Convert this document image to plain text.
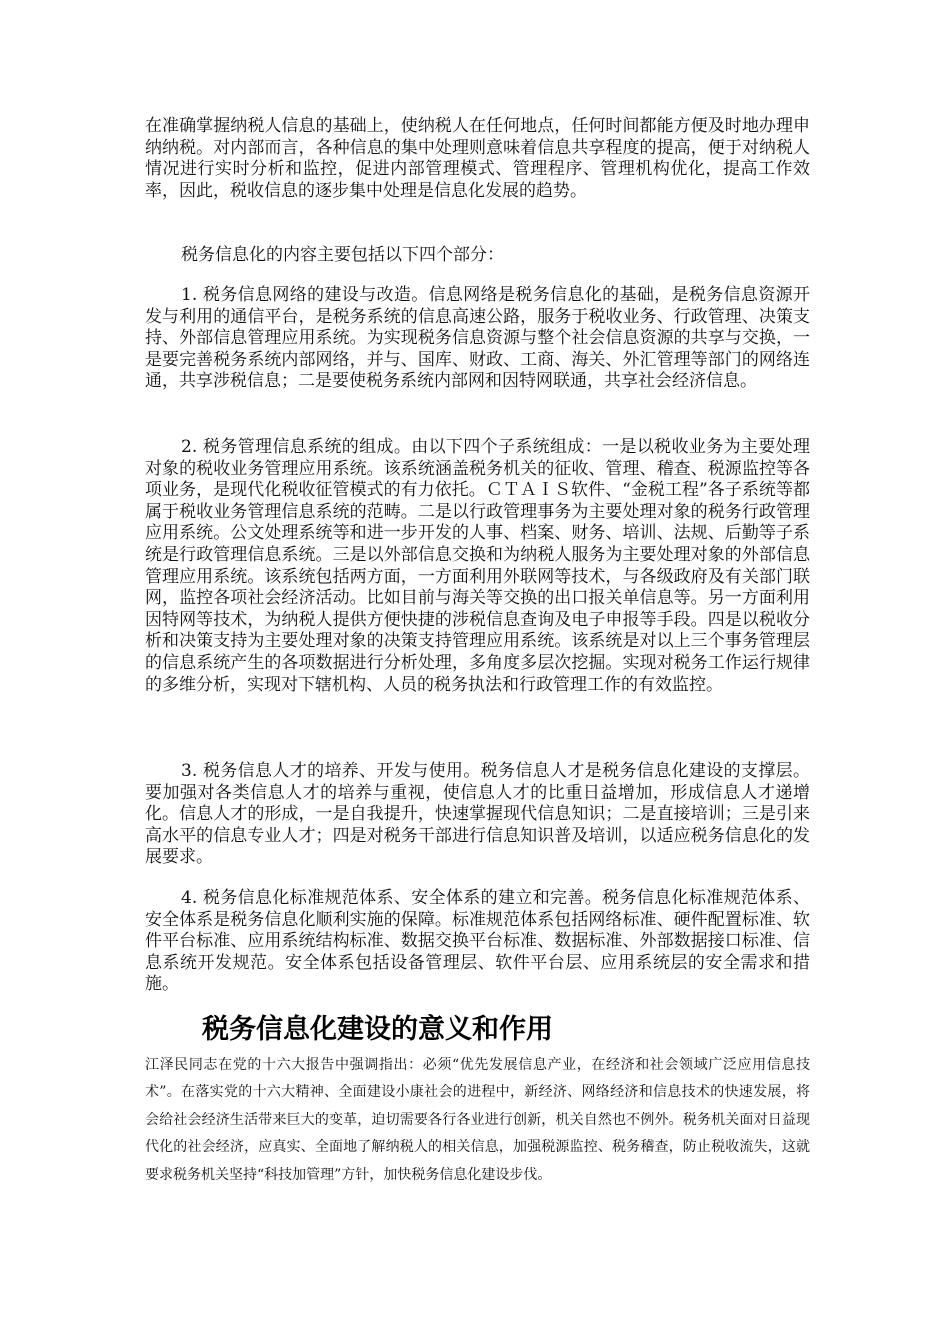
在准确掌握纳税人信息的基础上，使纳税人在任何地点，任何时间都能方便及时地办理申纳纳税。对内部而言，各种信息的集中处理则意味着信息共享程度的提高，便于对纳税人情况进行实时分析和监控，促进内部管理模式、管理程序、管理机构优化，提高工作效率，因此，税收信息的逐步集中处理是信息化发展的趋势。

税务信息化的内容主要包括以下四个部分：

1. 税务信息网络的建设与改造。信息网络是税务信息化的基础，是税务信息资源开发与利用的通信平台，是税务系统的信息高速公路，服务于税收业务、行政管理、决策支持、外部信息管理应用系统。为实现税务信息资源与整个社会信息资源的共享与交换，一是要完善税务系统内部网络，并与、国库、财政、工商、海关、外汇管理等部门的网络连通，共享涉税信息；二是要使税务系统内部网和因特网联通，共享社会经济信息。

2. 税务管理信息系统的组成。由以下四个子系统组成：一是以税收业务为主要处理对象的税收业务管理应用系统。该系统涵盖税务机关的征收、管理、稽查、税源监控等各项业务，是现代化税收征管模式的有力依托。ＣＴＡＩＳ软件、“金税工程”各子系统等都属于税收业务管理信息系统的范畴。二是以行政管理事务为主要处理对象的税务行政管理应用系统。公文处理系统等和进一步开发的人事、档案、财务、培训、法规、后勤等子系统是行政管理信息系统。三是以外部信息交换和为纳税人服务为主要处理对象的外部信息管理应用系统。该系统包括两方面，一方面利用外联网等技术，与各级政府及有关部门联网，监控各项社会经济活动。比如目前与海关等交换的出口报关单信息等。另一方面利用因特网等技术，为纳税人提供方便快捷的涉税信息查询及电子申报等手段。四是以税收分析和决策支持为主要处理对象的决策支持管理应用系统。该系统是对以上三个事务管理层的信息系统产生的各项数据进行分析处理，多角度多层次挖掘。实现对税务工作运行规律的多维分析，实现对下辖机构、人员的税务执法和行政管理工作的有效监控。

3. 税务信息人才的培养、开发与使用。税务信息人才是税务信息化建设的支撑层。要加强对各类信息人才的培养与重视，使信息人才的比重日益增加，形成信息人才递增化。信息人才的形成，一是自我提升，快速掌握现代信息知识；二是直接培训；三是引来高水平的信息专业人才；四是对税务干部进行信息知识普及培训，以适应税务信息化的发展要求。

4. 税务信息化标准规范体系、安全体系的建立和完善。税务信息化标准规范体系、安全体系是税务信息化顺利实施的保障。标准规范体系包括网络标准、硬件配置标准、软件平台标准、应用系统结构标准、数据交换平台标准、数据标准、外部数据接口标准、信息系统开发规范。安全体系包括设备管理层、软件平台层、应用系统层的安全需求和措施。

税务信息化建设的意义和作用

江泽民同志在党的十六大报告中强调指出：必须“优先发展信息产业，在经济和社会领域广泛应用信息技术”。在落实党的十六大精神、全面建设小康社会的进程中，新经济、网络经济和信息技术的快速发展，将会给社会经济生活带来巨大的变革，迫切需要各行各业进行创新，机关自然也不例外。税务机关面对日益现代化的社会经济，应真实、全面地了解纳税人的相关信息，加强税源监控、税务稽查，防止税收流失，这就要求税务机关坚持“科技加管理”方针，加快税务信息化建设步伐。
